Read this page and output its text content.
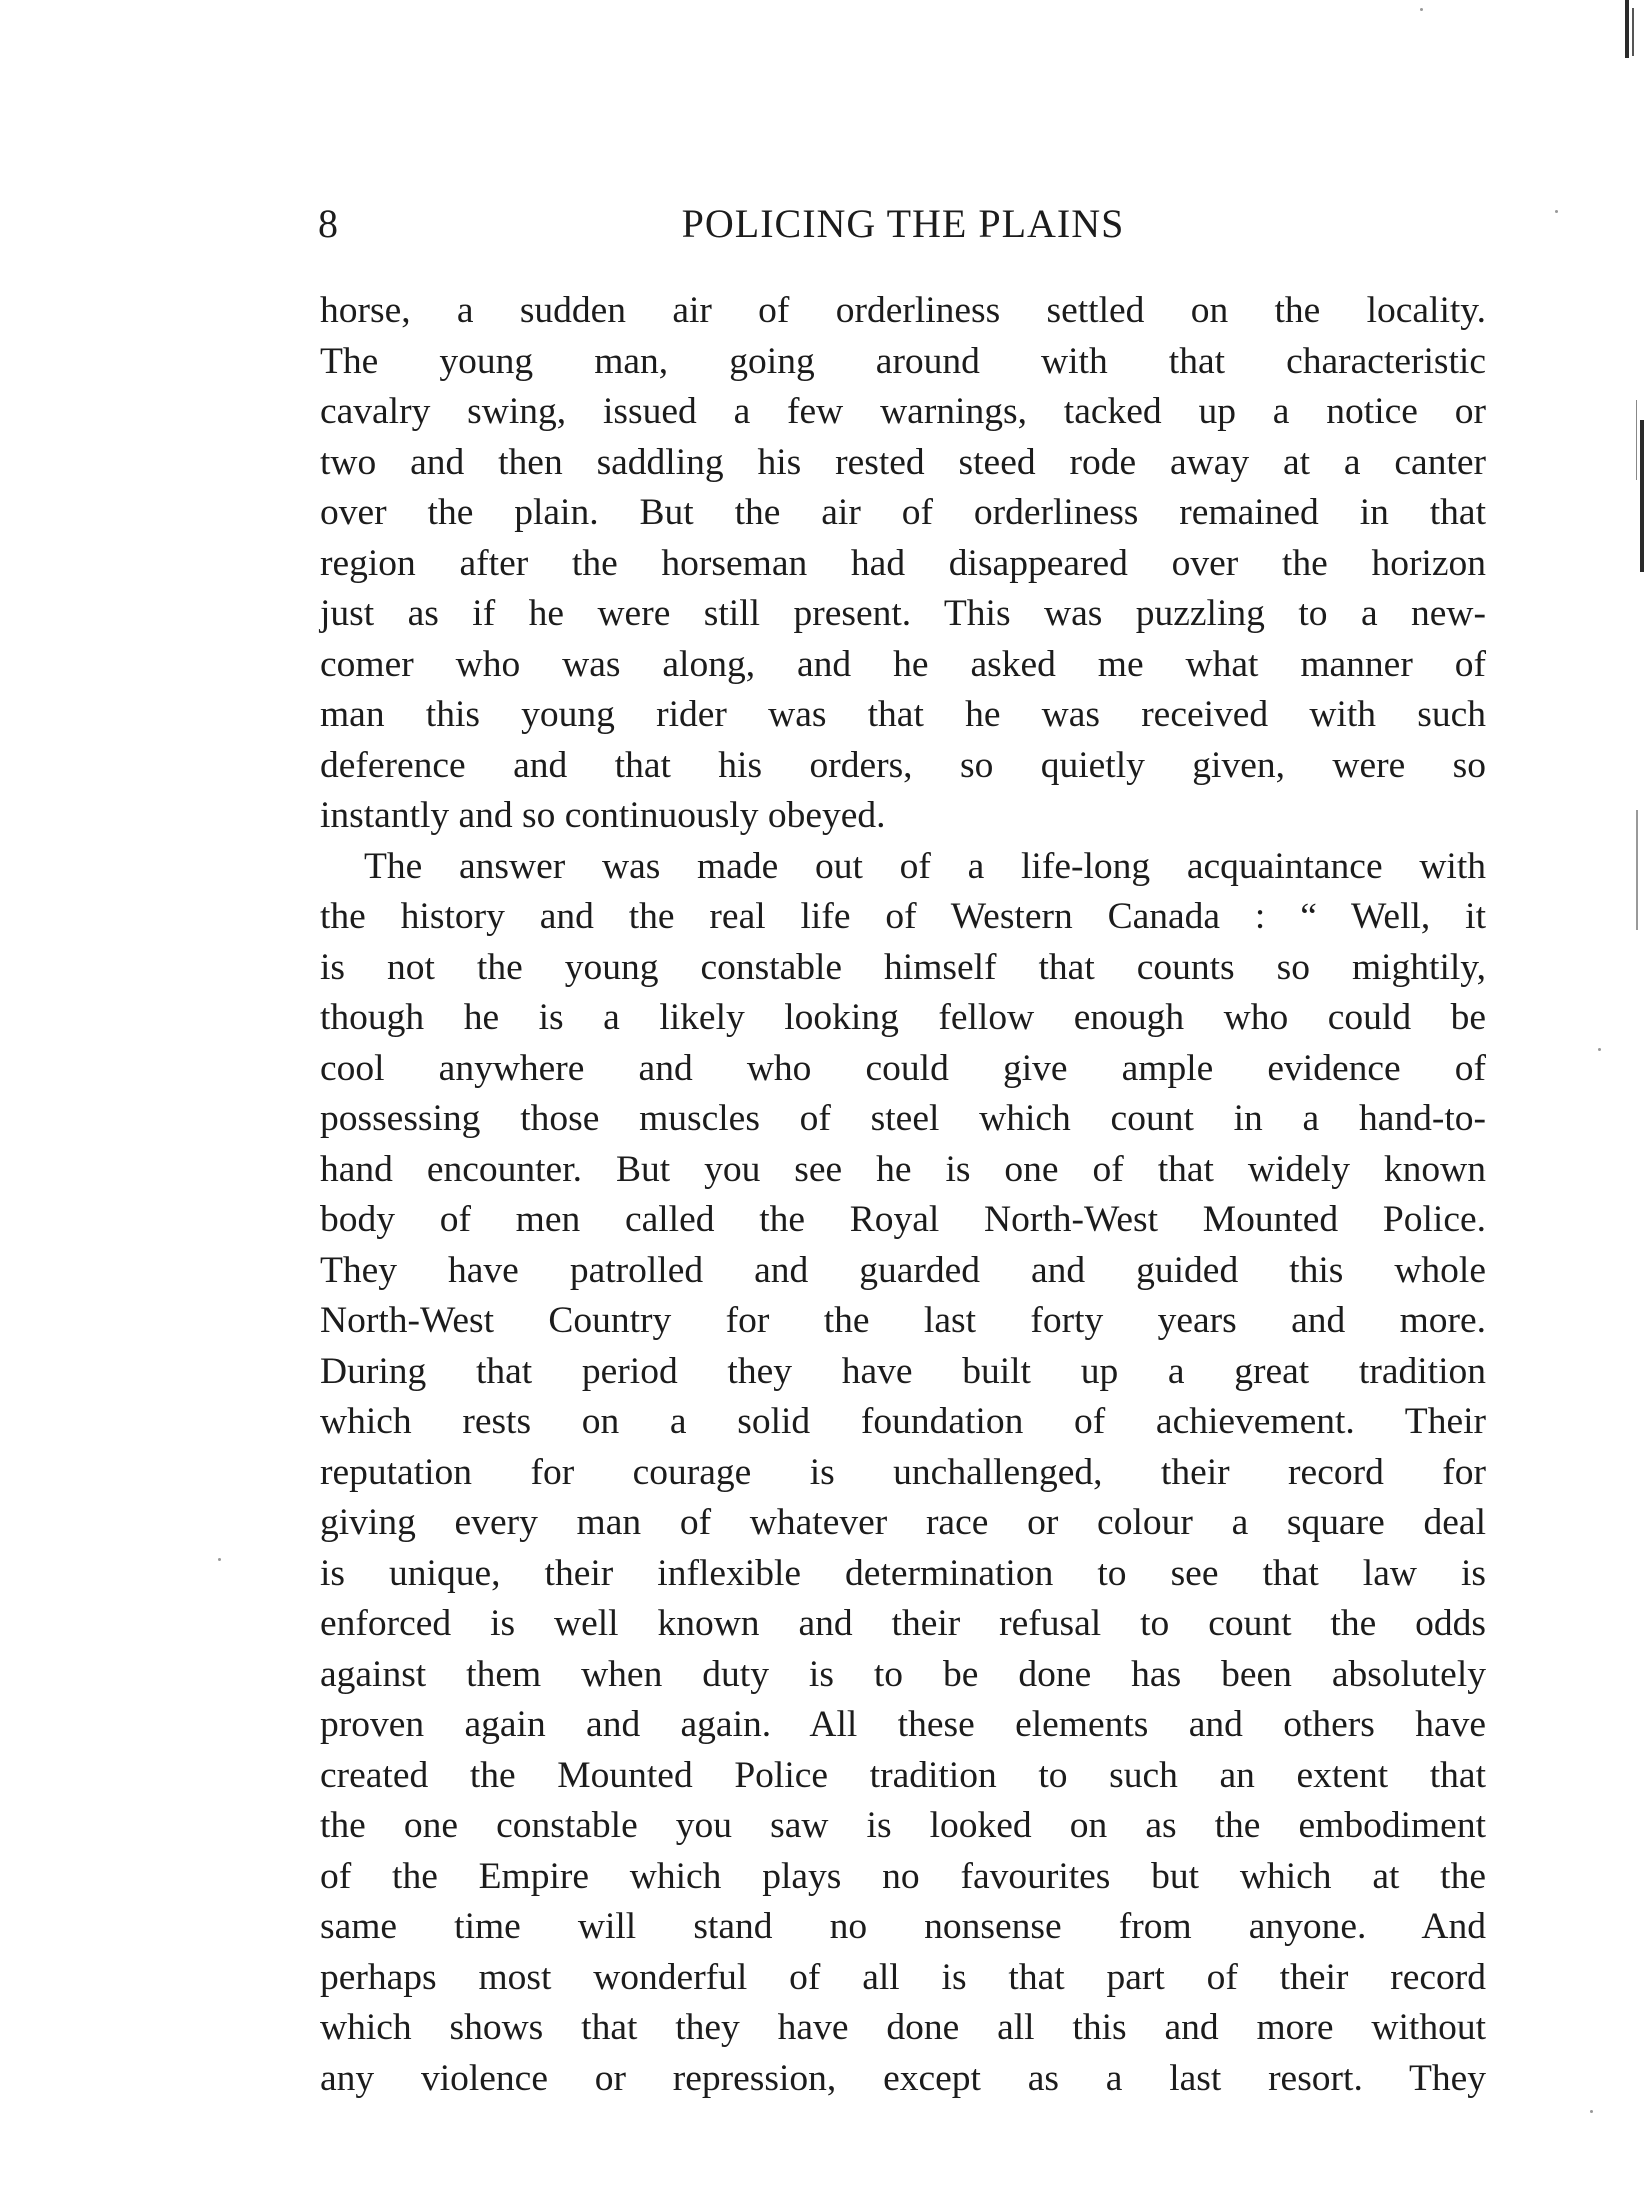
8	POLICING THE PLAINS
horse, a sudden air of orderliness settled on the locality.
The young man, going around with that characteristic
cavalry swing, issued a few warnings, tacked up a notice or
two and then saddling his rested steed rode away at a canter
over the plain. But the air of orderliness remained in that
region after the horseman had disappeared over the horizon
just as if he were still present. This was puzzling to a new-
comer who was along, and he asked me what manner of
man this young rider was that he was received with such
deference and that his orders, so quietly given, were so
instantly and so continuously obeyed.
The answer was made out of a life-long acquaintance with
the history and the real life of Western Canada : “ Well, it
is not the young constable himself that counts so mightily,
though he is a likely looking fellow enough who could be
cool anywhere and who could give ample evidence of
possessing those muscles of steel which count in a hand-to-
hand encounter. But you see he is one of that widely known
body of men called the Royal North-West Mounted Police.
They have patrolled and guarded and guided this whole
North-West Country for the last forty years and more.
During that period they have built up a great tradition
which rests on a solid foundation of achievement. Their
reputation for courage is unchallenged, their record for
giving every man of whatever race or colour a square deal
is unique, their inflexible determination to see that law is
enforced is well known and their refusal to count the odds
against them when duty is to be done has been absolutely
proven again and again. All these elements and others have
created the Mounted Police tradition to such an extent that
the one constable you saw is looked on as the embodiment
of the Empire which plays no favourites but which at the
same time will stand no nonsense from anyone. And
perhaps most wonderful of all is that part of their record
which shows that they have done all this and more without
any violence or repression, except as a last resort. They
